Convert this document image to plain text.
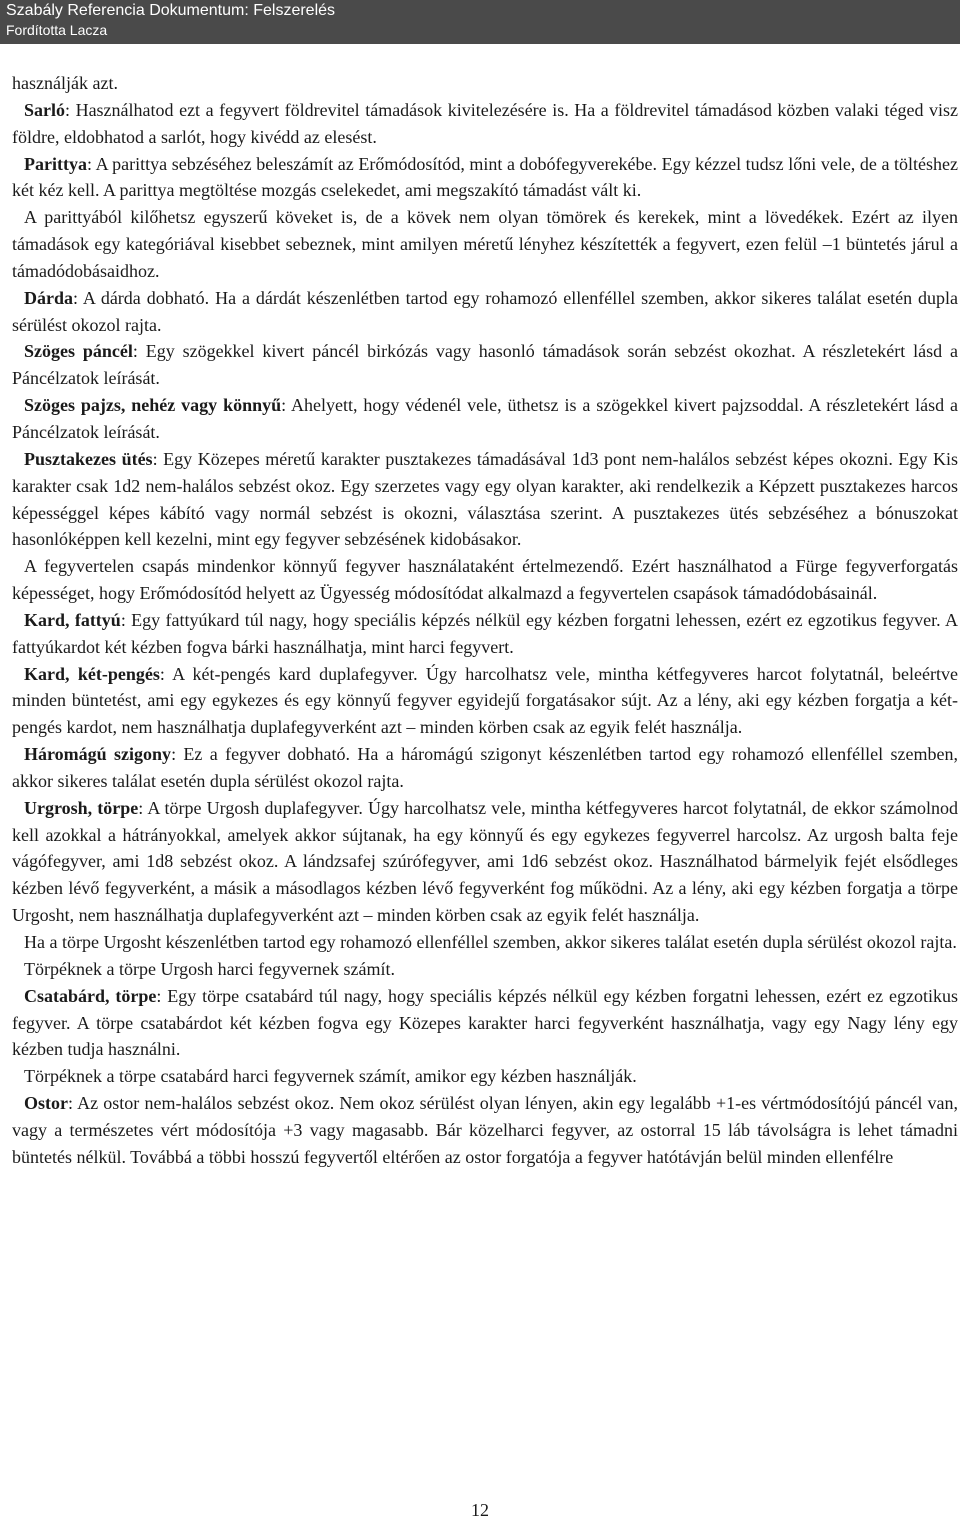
Szabály Referencia Dokumentum: Felszerelés
Fordította Lacza

használják azt.

Sarló: Használhatod ezt a fegyvert földrevitel támadások kivitelezésére is. Ha a földrevitel támadásod közben valaki téged visz földre, eldobhatod a sarlót, hogy kivédd az elesést.

Parittya: A parittya sebzéséhez beleszámít az Erőmódosítód, mint a dobófegyverekébe. Egy kézzel tudsz lőni vele, de a töltéshez két kéz kell. A parittya megtöltése mozgás cselekedet, ami megszakító támadást vált ki.

A parittyából kilőhetsz egyszerű köveket is, de a kövek nem olyan tömörek és kerekek, mint a lövedékek. Ezért az ilyen támadások egy kategóriával kisebbet sebeznek, mint amilyen méretű lényhez készítették a fegyvert, ezen felül –1 büntetés járul a támadódobásaidhoz.

Dárda: A dárda dobható. Ha a dárdát készenlétben tartod egy rohamozó ellenféllel szemben, akkor sikeres találat esetén dupla sérülést okozol rajta.

Szöges páncél: Egy szögekkel kivert páncél birkózás vagy hasonló támadások során sebzést okozhat. A részletekért lásd a Páncélzatok leírását.

Szöges pajzs, nehéz vagy könnyű: Ahelyett, hogy védenél vele, üthetsz is a szögekkel kivert pajzsoddal. A részletekért lásd a Páncélzatok leírását.

Pusztakezes ütés: Egy Közepes méretű karakter pusztakezes támadásával 1d3 pont nem-halálos sebzést képes okozni. Egy Kis karakter csak 1d2 nem-halálos sebzést okoz. Egy szerzetes vagy egy olyan karakter, aki rendelkezik a Képzett pusztakezes harcos képességgel képes kábító vagy normál sebzést is okozni, választása szerint. A pusztakezes ütés sebzéséhez a bónuszokat hasonlóképpen kell kezelni, mint egy fegyver sebzésének kidobásakor.

A fegyvertelen csapás mindenkor könnyű fegyver használataként értelmezendő. Ezért használhatod a Fürge fegyverforgatás képességet, hogy Erőmódosítód helyett az Ügyesség módosítódat alkalmazd a fegyvertelen csapások támadódobásainál.

Kard, fattyú: Egy fattyúkard túl nagy, hogy speciális képzés nélkül egy kézben forgatni lehessen, ezért ez egzotikus fegyver. A fattyúkardot két kézben fogva bárki használhatja, mint harci fegyvert.

Kard, két-pengés: A két-pengés kard duplafegyver. Úgy harcolhatsz vele, mintha kétfegyveres harcot folytatnál, beleértve minden büntetést, ami egy egykezes és egy könnyű fegyver egyidejű forgatásakor sújt. Az a lény, aki egy kézben forgatja a két-pengés kardot, nem használhatja duplafegyverként azt – minden körben csak az egyik felét használja.

Háromágú szigony: Ez a fegyver dobható. Ha a háromágú szigonyt készenlétben tartod egy rohamozó ellenféllel szemben, akkor sikeres találat esetén dupla sérülést okozol rajta.

Urgrosh, törpe: A törpe Urgosh duplafegyver. Úgy harcolhatsz vele, mintha kétfegyveres harcot folytatnál, de ekkor számolnod kell azokkal a hátrányokkal, amelyek akkor sújtanak, ha egy könnyű és egy egykezes fegyverrel harcolsz. Az urgosh balta feje vágófegyver, ami 1d8 sebzést okoz. A lándzsafej szúrófegyver, ami 1d6 sebzést okoz. Használhatod bármelyik fejét elsődleges kézben lévő fegyverként, a másik a másodlagos kézben lévő fegyverként fog működni. Az a lény, aki egy kézben forgatja a törpe Urgosht, nem használhatja duplafegyverként azt – minden körben csak az egyik felét használja.

Ha a törpe Urgosht készenlétben tartod egy rohamozó ellenféllel szemben, akkor sikeres találat esetén dupla sérülést okozol rajta.

Törpéknek a törpe Urgosh harci fegyvernek számít.

Csatabárd, törpe: Egy törpe csatabárd túl nagy, hogy speciális képzés nélkül egy kézben forgatni lehessen, ezért ez egzotikus fegyver. A törpe csatabárdot két kézben fogva egy Közepes karakter harci fegyverként használhatja, vagy egy Nagy lény egy kézben tudja használni.

Törpéknek a törpe csatabárd harci fegyvernek számít, amikor egy kézben használják.

Ostor: Az ostor nem-halálos sebzést okoz. Nem okoz sérülést olyan lényen, akin egy legalább +1-es vértmódosítójú páncél van, vagy a természetes vért módosítója +3 vagy magasabb. Bár közelharci fegyver, az ostorral 15 láb távolságra is lehet támadni büntetés nélkül. Továbbá a többi hosszú fegyvertől eltérően az ostor forgatója a fegyver hatótávján belül minden ellenfélre

12
